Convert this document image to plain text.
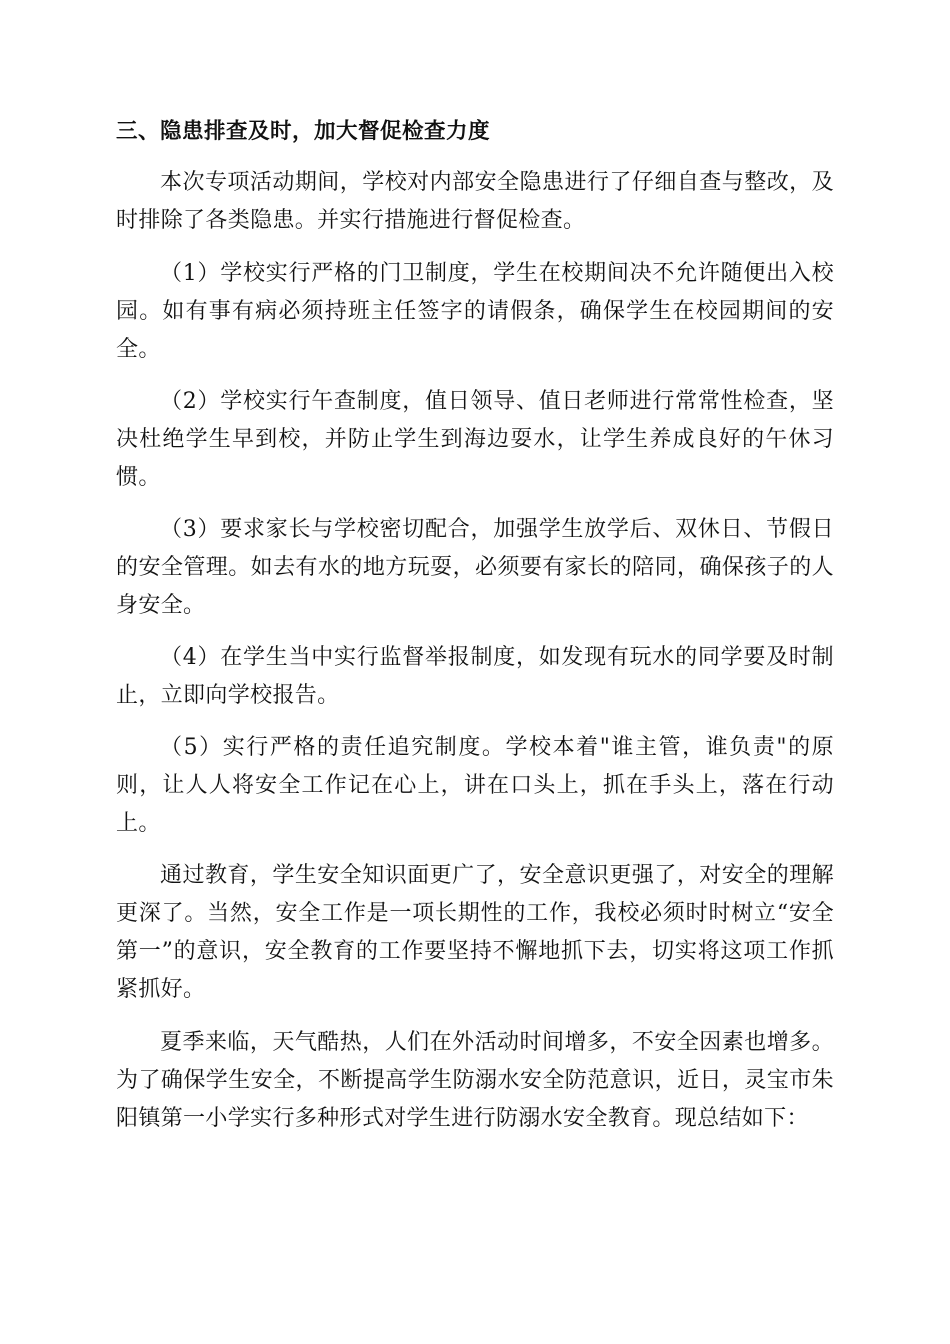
三、隐患排查及时，加大督促检查力度

本次专项活动期间，学校对内部安全隐患进行了仔细自查与整改，及时排除了各类隐患。并实行措施进行督促检查。

（1）学校实行严格的门卫制度，学生在校期间决不允许随便出入校园。如有事有病必须持班主任签字的请假条，确保学生在校园期间的安全。

（2）学校实行午查制度，值日领导、值日老师进行常常性检查，坚决杜绝学生早到校，并防止学生到海边耍水，让学生养成良好的午休习惯。

（3）要求家长与学校密切配合，加强学生放学后、双休日、节假日的安全管理。如去有水的地方玩耍，必须要有家长的陪同，确保孩子的人身安全。

（4）在学生当中实行监督举报制度，如发现有玩水的同学要及时制止，立即向学校报告。

（5）实行严格的责任追究制度。学校本着"谁主管，谁负责"的原则，让人人将安全工作记在心上，讲在口头上，抓在手头上，落在行动上。

通过教育，学生安全知识面更广了，安全意识更强了，对安全的理解更深了。当然，安全工作是一项长期性的工作，我校必须时时树立“安全第一”的意识，安全教育的工作要坚持不懈地抓下去，切实将这项工作抓紧抓好。

夏季来临，天气酷热，人们在外活动时间增多，不安全因素也增多。为了确保学生安全，不断提高学生防溺水安全防范意识，近日，灵宝市朱阳镇第一小学实行多种形式对学生进行防溺水安全教育。现总结如下：
